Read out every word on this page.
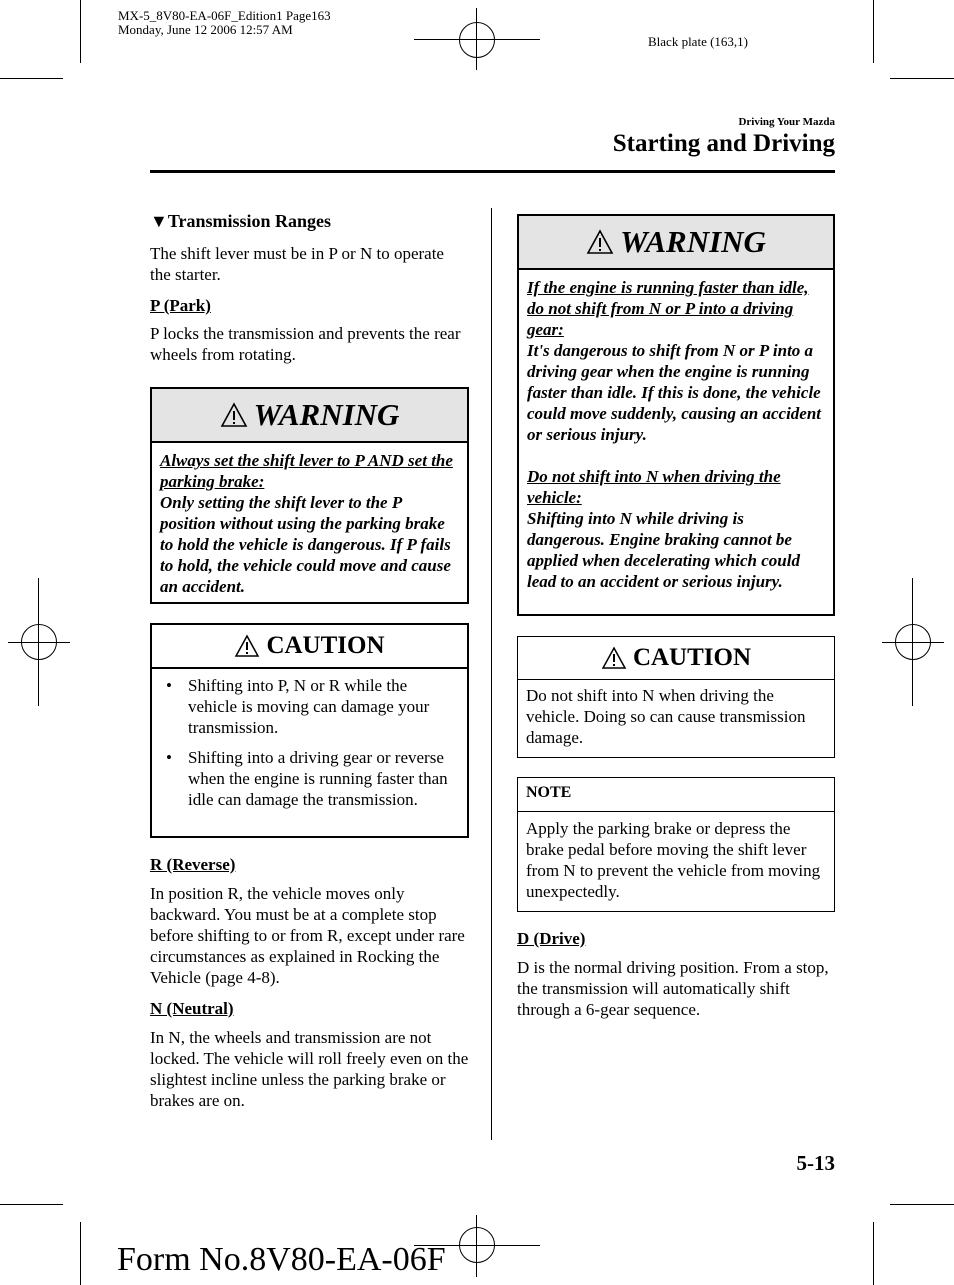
MX-5_8V80-EA-06F_Edition1 Page163
Monday, June 12 2006 12:57 AM
Black plate (163,1)
Driving Your Mazda
Starting and Driving

▼Transmission Ranges

The shift lever must be in P or N to operate the starter.

P (Park)

P locks the transmission and prevents the rear wheels from rotating.

WARNING

Always set the shift lever to P AND set the parking brake:

Only setting the shift lever to the P position without using the parking brake to hold the vehicle is dangerous. If P fails to hold, the vehicle could move and cause an accident.

CAUTION
• Shifting into P, N or R while the vehicle is moving can damage your transmission.
• Shifting into a driving gear or reverse when the engine is running faster than idle can damage the transmission.

R (Reverse)

In position R, the vehicle moves only backward. You must be at a complete stop before shifting to or from R, except under rare circumstances as explained in Rocking the Vehicle (page 4-8).

N (Neutral)

In N, the wheels and transmission are not locked. The vehicle will roll freely even on the slightest incline unless the parking brake or brakes are on.

WARNING

If the engine is running faster than idle, do not shift from N or P into a driving gear:

It's dangerous to shift from N or P into a driving gear when the engine is running faster than idle. If this is done, the vehicle could move suddenly, causing an accident or serious injury.

Do not shift into N when driving the vehicle:

Shifting into N while driving is dangerous. Engine braking cannot be applied when decelerating which could lead to an accident or serious injury.

CAUTION
Do not shift into N when driving the vehicle. Doing so can cause transmission damage.
NOTE
Apply the parking brake or depress the brake pedal before moving the shift lever from N to prevent the vehicle from moving unexpectedly.

D (Drive)

D is the normal driving position. From a stop, the transmission will automatically shift through a 6-gear sequence.

5-13
Form No.8V80-EA-06F
